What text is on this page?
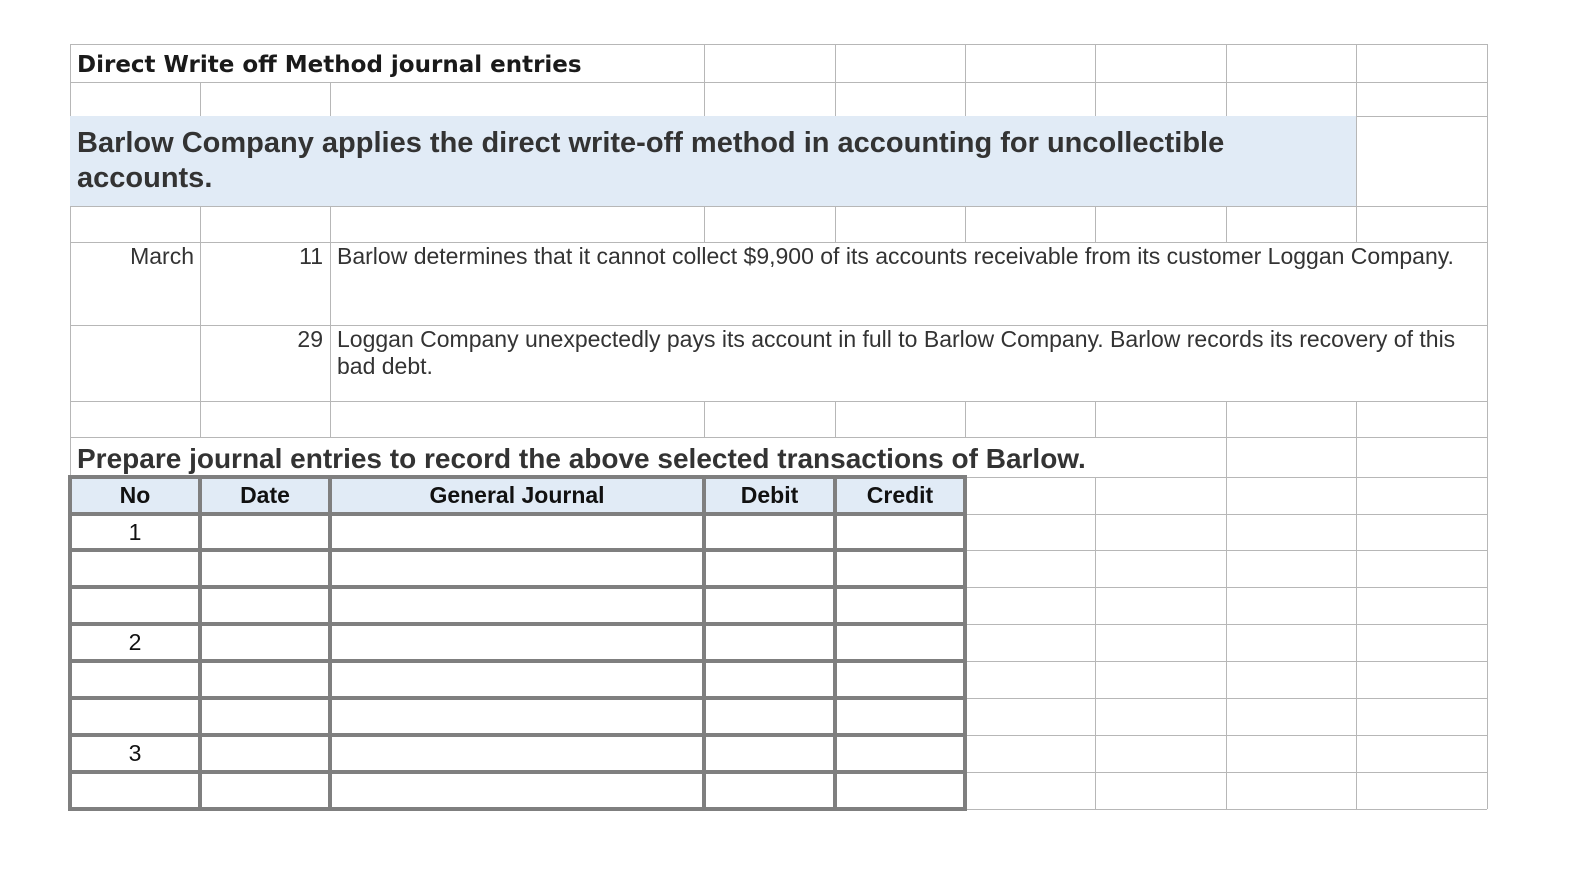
Direct Write off Method journal entries
Barlow Company applies the direct write-off method in accounting for uncollectible accounts.
March	11 Barlow determines that it cannot collect $9,900 of its accounts receivable from its customer Loggan Company.
29 Loggan Company unexpectedly pays its account in full to Barlow Company. Barlow records its recovery of this bad debt.
Prepare journal entries to record the above selected transactions of Barlow.
No	Date	General Journal	Debit	Credit
1
2
3
